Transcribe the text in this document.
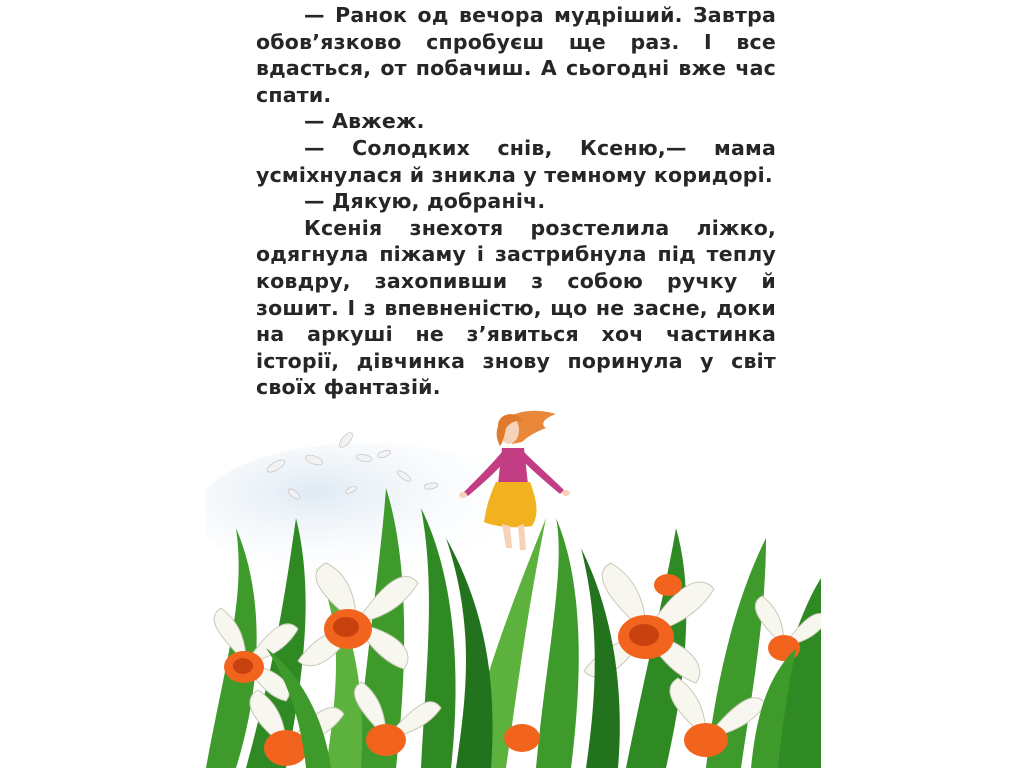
— Ранок од вечора мудріший. Завтра обов’язково спробуєш ще раз. І все вдасться, от побачиш. А сьогодні вже час спати.

— Авжеж.

— Солодких снів, Ксеню,— мама усміхнулася й зникла у темному коридорі.

— Дякую, добраніч.

Ксенія знехотя розстелила ліжко, одягнула піжаму і застрибнула під теплу ковдру, захопивши з собою ручку й зошит. І з впевненістю, що не засне, доки на аркуші не з’явиться хоч частинка історії, дівчинка знову поринула у світ своїх фантазій.
